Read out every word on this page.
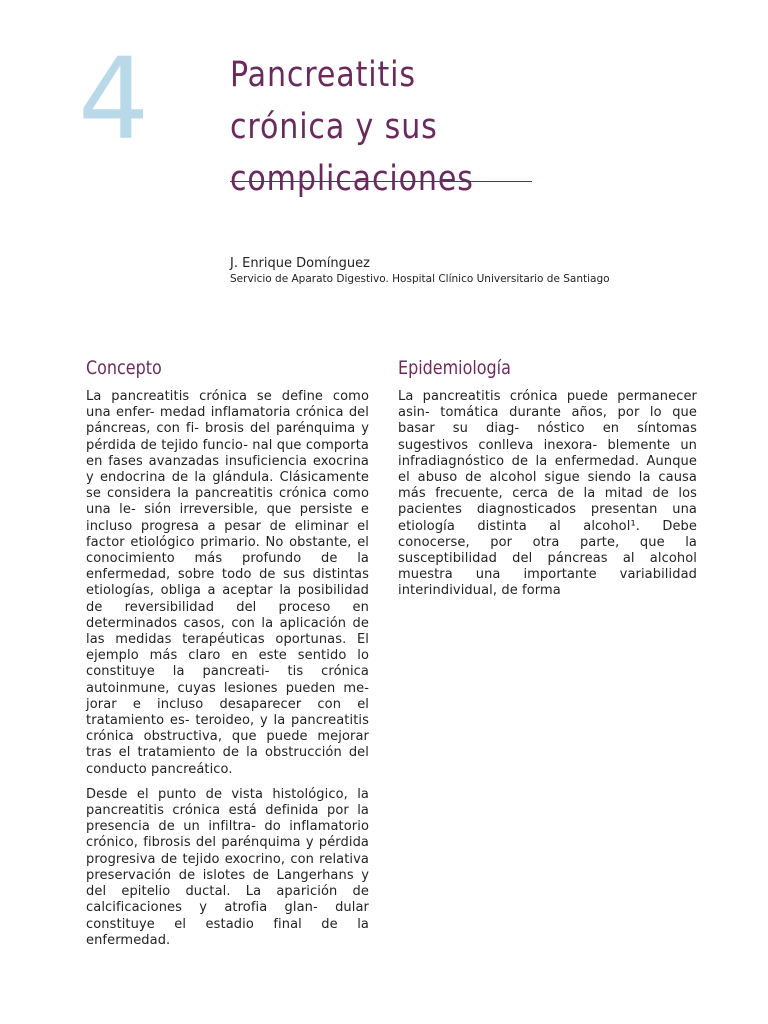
4 Pancreatitis
crónica y sus
complicaciones
J. Enrique Domínguez
Servicio de Aparato Digestivo. Hospital Clínico Universitario de Santiago
Concepto

La pancreatitis crónica se define como una enfer- medad inflamatoria crónica del páncreas, con fi- brosis del parénquima y pérdida de tejido funcio- nal que comporta en fases avanzadas insuficiencia exocrina y endocrina de la glándula. Clásicamente se considera la pancreatitis crónica como una le- sión irreversible, que persiste e incluso progresa a pesar de eliminar el factor etiológico primario. No obstante, el conocimiento más profundo de la enfermedad, sobre todo de sus distintas etiologías, obliga a aceptar la posibilidad de reversibilidad del proceso en determinados casos, con la aplicación de las medidas terapéuticas oportunas. El ejemplo más claro en este sentido lo constituye la pancreati- tis crónica autoinmune, cuyas lesiones pueden me- jorar e incluso desaparecer con el tratamiento es- teroideo, y la pancreatitis crónica obstructiva, que puede mejorar tras el tratamiento de la obstrucción del conducto pancreático.

Desde el punto de vista histológico, la pancreatitis crónica está definida por la presencia de un infiltra- do inflamatorio crónico, fibrosis del parénquima y pérdida progresiva de tejido exocrino, con relativa preservación de islotes de Langerhans y del epitelio ductal. La aparición de calcificaciones y atrofia glan- dular constituye el estadio final de la enfermedad.

Epidemiología

La pancreatitis crónica puede permanecer asin- tomática durante años, por lo que basar su diag- nóstico en síntomas sugestivos conlleva inexora- blemente un infradiagnóstico de la enfermedad. Aunque el abuso de alcohol sigue siendo la causa más frecuente, cerca de la mitad de los pacientes diagnosticados presentan una etiología distinta al alcohol¹. Debe conocerse, por otra parte, que la susceptibilidad del páncreas al alcohol muestra una importante variabilidad interindividual, de forma
